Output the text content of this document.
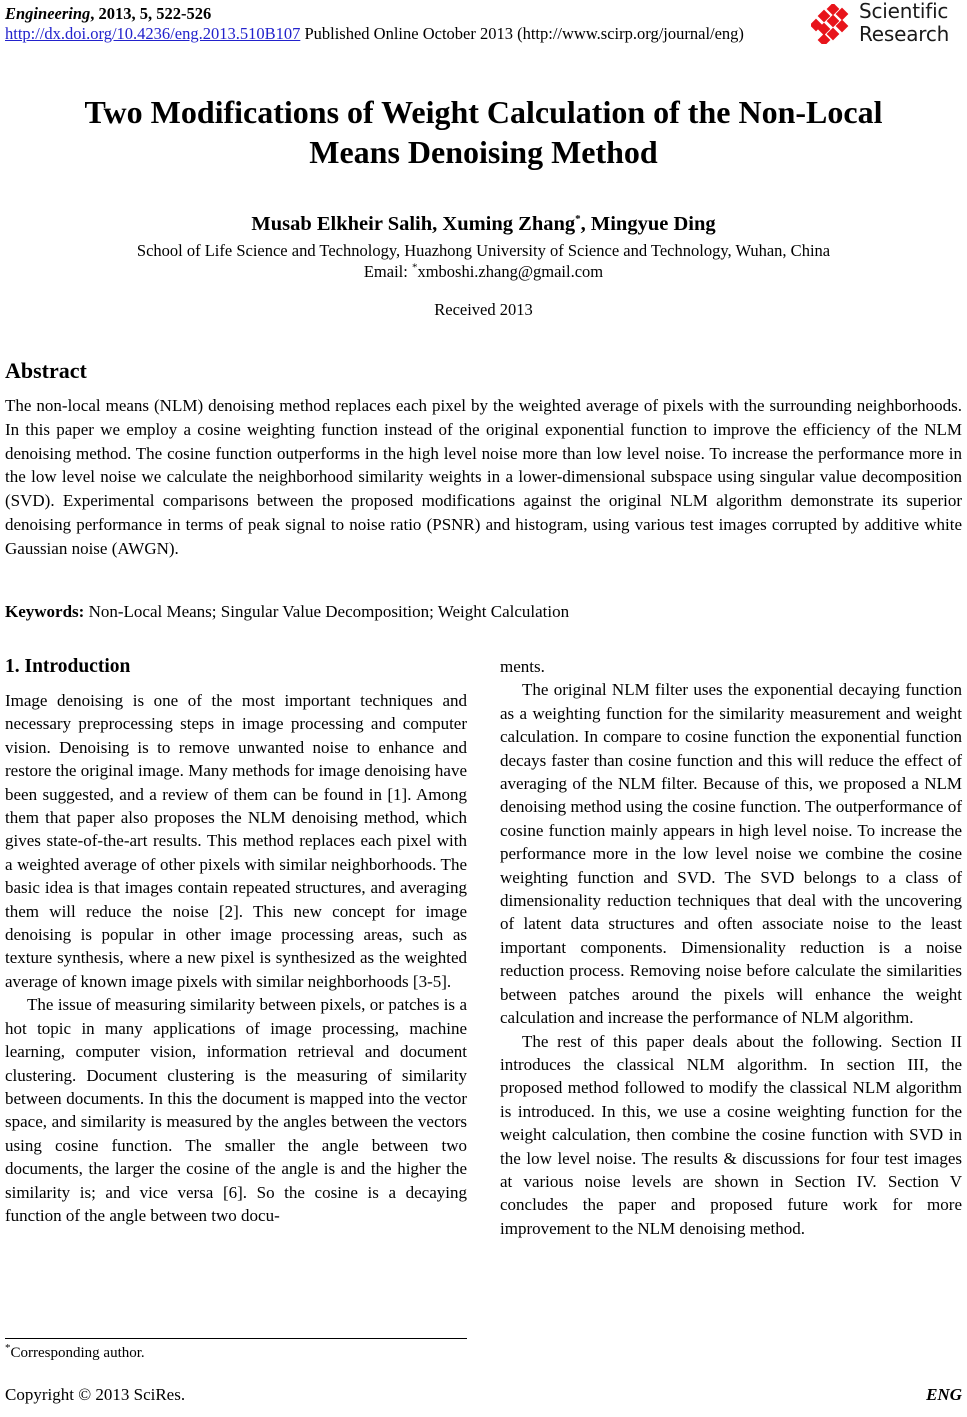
Engineering, 2013, 5, 522-526
http://dx.doi.org/10.4236/eng.2013.510B107 Published Online October 2013 (http://www.scirp.org/journal/eng)
Scientific
Research
Two Modifications of Weight Calculation of the Non-Local Means Denoising Method
Musab Elkheir Salih, Xuming Zhang*, Mingyue Ding
School of Life Science and Technology, Huazhong University of Science and Technology, Wuhan, China
Email: *xmboshi.zhang@gmail.com
Received 2013
Abstract
The non-local means (NLM) denoising method replaces each pixel by the weighted average of pixels with the surrounding neighborhoods. In this paper we employ a cosine weighting function instead of the original exponential function to improve the efficiency of the NLM denoising method. The cosine function outperforms in the high level noise more than low level noise. To increase the performance more in the low level noise we calculate the neighborhood similarity weights in a lower-dimensional subspace using singular value decomposition (SVD). Experimental comparisons between the proposed modifications against the original NLM algorithm demonstrate its superior denoising performance in terms of peak signal to noise ratio (PSNR) and histogram, using various test images corrupted by additive white Gaussian noise (AWGN).
Keywords: Non-Local Means; Singular Value Decomposition; Weight Calculation
1. Introduction

Image denoising is one of the most important techniques and necessary preprocessing steps in image processing and computer vision. Denoising is to remove unwanted noise to enhance and restore the original image. Many methods for image denoising have been suggested, and a review of them can be found in [1]. Among them that paper also proposes the NLM denoising method, which gives state-of-the-art results. This method replaces each pixel with a weighted average of other pixels with similar neighborhoods. The basic idea is that images contain repeated structures, and averaging them will reduce the noise [2]. This new concept for image denoising is popular in other image processing areas, such as texture synthesis, where a new pixel is synthesized as the weighted average of known image pixels with similar neighborhoods [3-5].

The issue of measuring similarity between pixels, or patches is a hot topic in many applications of image processing, machine learning, computer vision, information retrieval and document clustering. Document clustering is the measuring of similarity between documents. In this the document is mapped into the vector space, and similarity is measured by the angles between the vectors using cosine function. The smaller the angle between two documents, the larger the cosine of the angle is and the higher the similarity is; and vice versa [6]. So the cosine is a decaying function of the angle between two docu-

ments.

The original NLM filter uses the exponential decaying function as a weighting function for the similarity measurement and weight calculation. In compare to cosine function the exponential function decays faster than cosine function and this will reduce the effect of averaging of the NLM filter. Because of this, we proposed a NLM denoising method using the cosine function. The outperformance of cosine function mainly appears in high level noise. To increase the performance more in the low level noise we combine the cosine weighting function and SVD. The SVD belongs to a class of dimensionality reduction techniques that deal with the uncovering of latent data structures and often associate noise to the least important components. Dimensionality reduction is a noise reduction process. Removing noise before calculate the similarities between patches around the pixels will enhance the weight calculation and increase the performance of NLM algorithm.

The rest of this paper deals about the following. Section II introduces the classical NLM algorithm. In section III, the proposed method followed to modify the classical NLM algorithm is introduced. In this, we use a cosine weighting function for the weight calculation, then combine the cosine function with SVD in the low level noise. The results & discussions for four test images at various noise levels are shown in Section IV. Section V concludes the paper and proposed future work for more improvement to the NLM denoising method.

*Corresponding author.
Copyright © 2013 SciRes.	ENG
